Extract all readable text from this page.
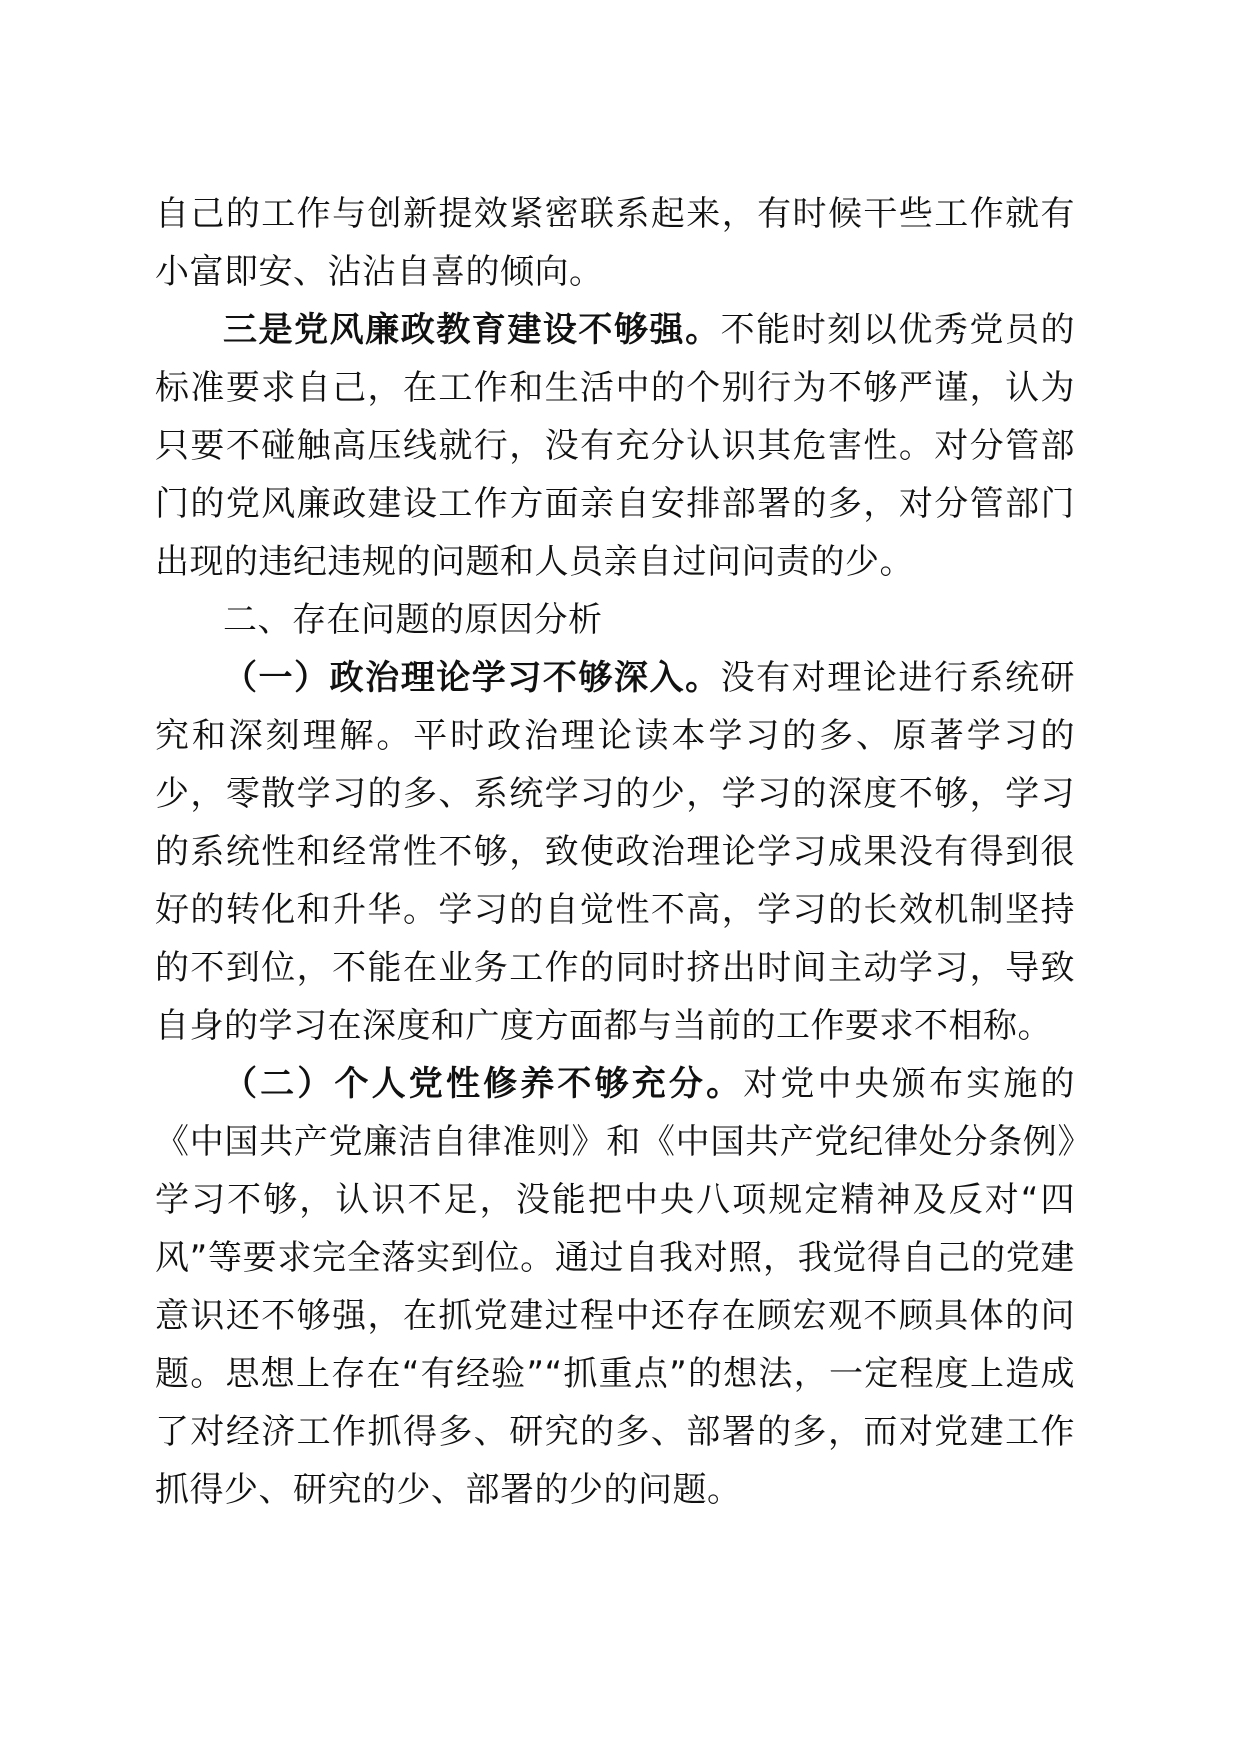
自己的工作与创新提效紧密联系起来，有时候干些工作就有小富即安、沾沾自喜的倾向。

三是党风廉政教育建设不够强。不能时刻以优秀党员的标准要求自己，在工作和生活中的个别行为不够严谨，认为只要不碰触高压线就行，没有充分认识其危害性。对分管部门的党风廉政建设工作方面亲自安排部署的多，对分管部门出现的违纪违规的问题和人员亲自过问问责的少。

二、存在问题的原因分析

（一）政治理论学习不够深入。没有对理论进行系统研究和深刻理解。平时政治理论读本学习的多、原著学习的少，零散学习的多、系统学习的少，学习的深度不够，学习的系统性和经常性不够，致使政治理论学习成果没有得到很好的转化和升华。学习的自觉性不高，学习的长效机制坚持的不到位，不能在业务工作的同时挤出时间主动学习，导致自身的学习在深度和广度方面都与当前的工作要求不相称。

（二）个人党性修养不够充分。对党中央颁布实施的《中国共产党廉洁自律准则》和《中国共产党纪律处分条例》学习不够，认识不足，没能把中央八项规定精神及反对“四风”等要求完全落实到位。通过自我对照，我觉得自己的党建意识还不够强，在抓党建过程中还存在顾宏观不顾具体的问题。思想上存在“有经验”“抓重点”的想法，一定程度上造成了对经济工作抓得多、研究的多、部署的多，而对党建工作抓得少、研究的少、部署的少的问题。
